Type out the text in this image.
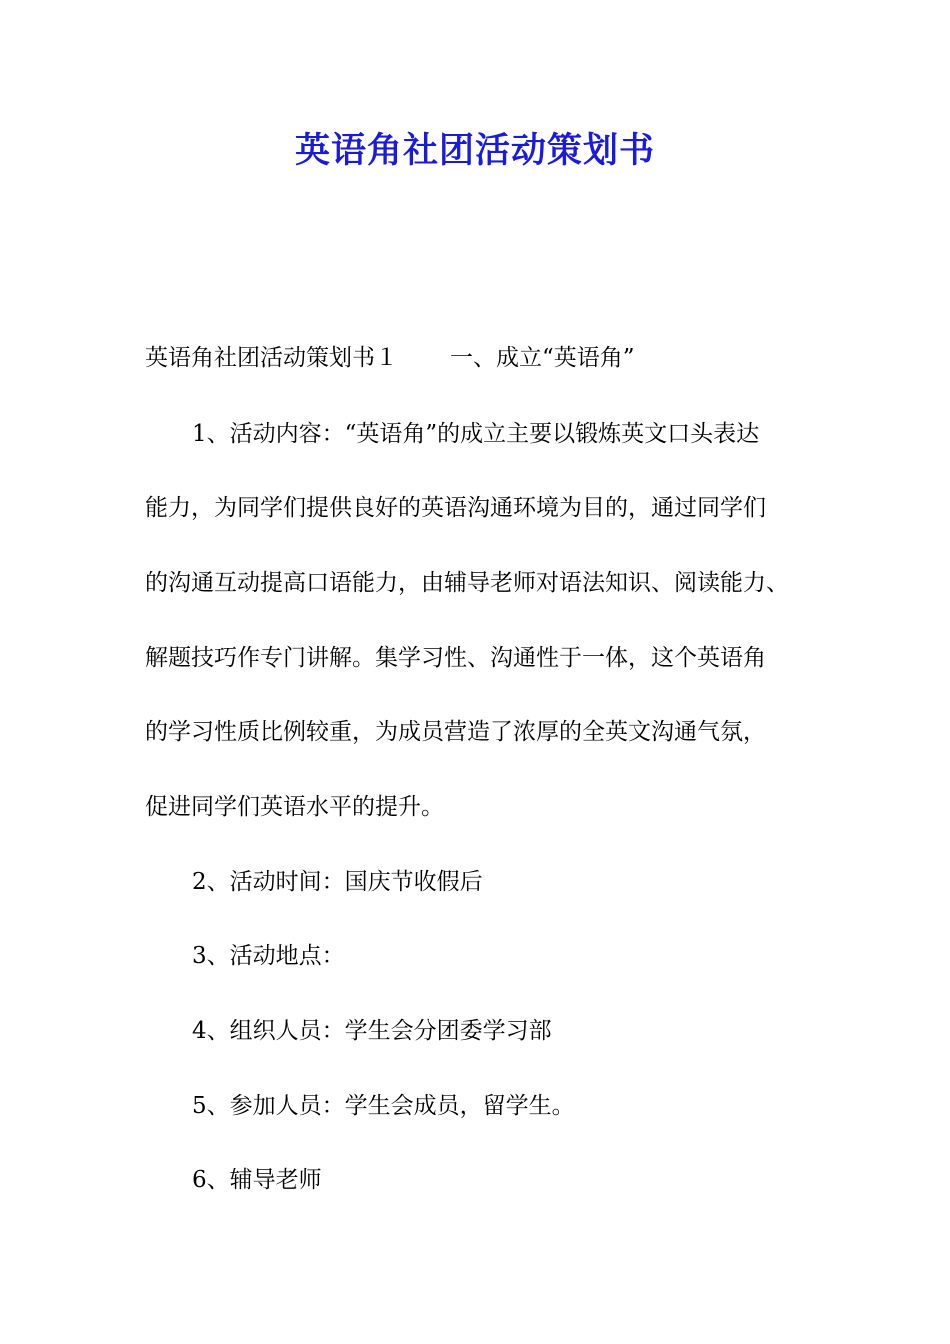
英语角社团活动策划书
英语角社团活动策划书１ 一、成立“英语角”
1、活动内容：“英语角”的成立主要以锻炼英文口头表达
能力，为同学们提供良好的英语沟通环境为目的，通过同学们
的沟通互动提高口语能力，由辅导老师对语法知识、阅读能力、
解题技巧作专门讲解。集学习性、沟通性于一体，这个英语角
的学习性质比例较重，为成员营造了浓厚的全英文沟通气氛，
促进同学们英语水平的提升。
2、活动时间：国庆节收假后
3、活动地点：
4、组织人员：学生会分团委学习部
5、参加人员：学生会成员，留学生。
6、辅导老师
